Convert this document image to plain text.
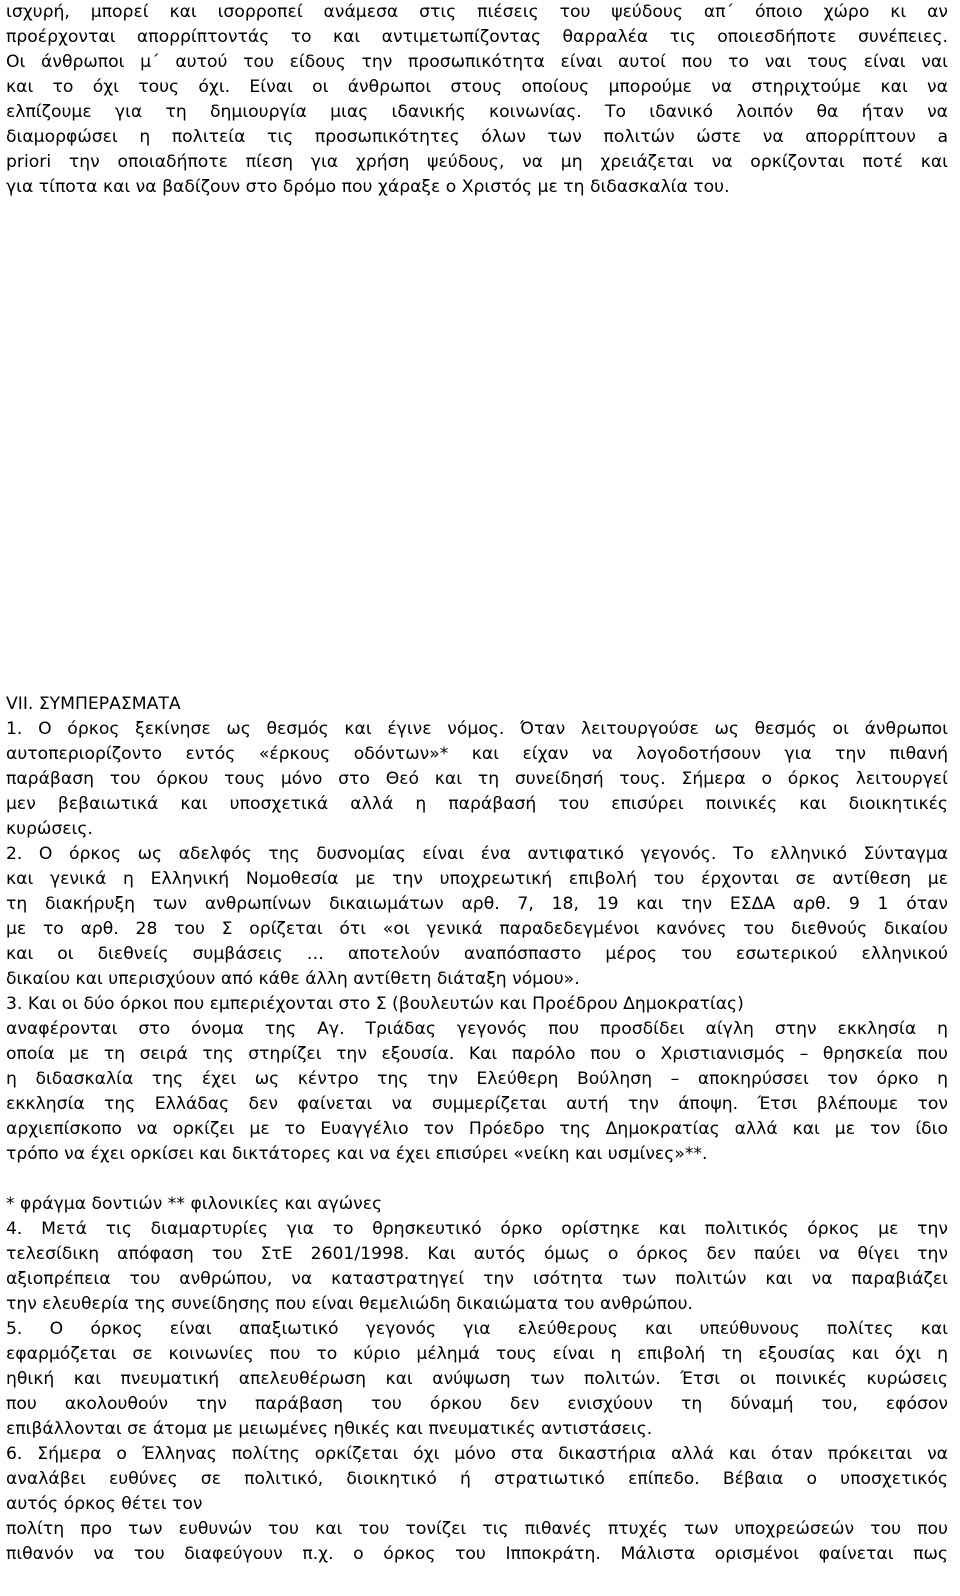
ισχυρή, μπορεί και ισορροπεί ανάμεσα στις πιέσεις του ψεύδους απ΄ όποιο χώρο κι αν
προέρχονται απορρίπτοντάς το και αντιμετωπίζοντας θαρραλέα τις οποιεσδήποτε συνέπειες.
Οι άνθρωποι μ΄ αυτού του είδους την προσωπικότητα είναι αυτοί που το ναι τους είναι ναι
και το όχι τους όχι. Είναι οι άνθρωποι στους οποίους μπορούμε να στηριχτούμε και να
ελπίζουμε για τη δημιουργία μιας ιδανικής κοινωνίας. Το ιδανικό λοιπόν θα ήταν να
διαμορφώσει η πολιτεία τις προσωπικότητες όλων των πολιτών ώστε να απορρίπτουν a
priori την οποιαδήποτε πίεση για χρήση ψεύδους, να μη χρειάζεται να ορκίζονται ποτέ και
για τίποτα και να βαδίζουν στο δρόμο που χάραξε ο Χριστός με τη διδασκαλία του.
VII. ΣΥΜΠΕΡΑΣΜΑΤΑ
1. Ο όρκος ξεκίνησε ως θεσμός και έγινε νόμος. Όταν λειτουργούσε ως θεσμός οι άνθρωποι
αυτοπεριορίζοντο εντός «έρκους οδόντων»* και είχαν να λογοδοτήσουν για την πιθανή
παράβαση του όρκου τους μόνο στο Θεό και τη συνείδησή τους. Σήμερα ο όρκος λειτουργεί
μεν βεβαιωτικά και υποσχετικά αλλά η παράβασή του επισύρει ποινικές και διοικητικές
κυρώσεις.
2. Ο όρκος ως αδελφός της δυσνομίας είναι ένα αντιφατικό γεγονός. Το ελληνικό Σύνταγμα
και γενικά η Ελληνική Νομοθεσία με την υποχρεωτική επιβολή του έρχονται σε αντίθεση με
τη διακήρυξη των ανθρωπίνων δικαιωμάτων αρθ. 7, 18, 19 και την ΕΣΔΑ αρθ. 9 1 όταν
με το αρθ. 28 του Σ ορίζεται ότι «οι γενικά παραδεδεγμένοι κανόνες του διεθνούς δικαίου
και οι διεθνείς συμβάσεις … αποτελούν αναπόσπαστο μέρος του εσωτερικού ελληνικού
δικαίου και υπερισχύουν από κάθε άλλη αντίθετη διάταξη νόμου».
3. Και οι δύο όρκοι που εμπεριέχονται στο Σ (βουλευτών και Προέδρου Δημοκρατίας)
αναφέρονται στο όνομα της Αγ. Τριάδας γεγονός που προσδίδει αίγλη στην εκκλησία η
οποία με τη σειρά της στηρίζει την εξουσία. Και παρόλο που ο Χριστιανισμός – θρησκεία που
η διδασκαλία της έχει ως κέντρο της την Ελεύθερη Βούληση – αποκηρύσσει τον όρκο η
εκκλησία της Ελλάδας δεν φαίνεται να συμμερίζεται αυτή την άποψη. Έτσι βλέπουμε τον
αρχιεπίσκοπο να ορκίζει με το Ευαγγέλιο τον Πρόεδρο της Δημοκρατίας αλλά και με τον ίδιο
τρόπο να έχει ορκίσει και δικτάτορες και να έχει επισύρει «νείκη και υσμίνες»**.
* φράγμα δοντιών ** φιλονικίες και αγώνες
4. Μετά τις διαμαρτυρίες για το θρησκευτικό όρκο ορίστηκε και πολιτικός όρκος με την
τελεσίδικη απόφαση του ΣτΕ 2601/1998. Και αυτός όμως ο όρκος δεν παύει να θίγει την
αξιοπρέπεια του ανθρώπου, να καταστρατηγεί την ισότητα των πολιτών και να παραβιάζει
την ελευθερία της συνείδησης που είναι θεμελιώδη δικαιώματα του ανθρώπου.
5. Ο όρκος είναι απαξιωτικό γεγονός για ελεύθερους και υπεύθυνους πολίτες και
εφαρμόζεται σε κοινωνίες που το κύριο μέλημά τους είναι η επιβολή τη εξουσίας και όχι η
ηθική και πνευματική απελευθέρωση και ανύψωση των πολιτών. Έτσι οι ποινικές κυρώσεις
που ακολουθούν την παράβαση του όρκου δεν ενισχύουν τη δύναμή του, εφόσον
επιβάλλονται σε άτομα με μειωμένες ηθικές και πνευματικές αντιστάσεις.
6. Σήμερα ο Έλληνας πολίτης ορκίζεται όχι μόνο στα δικαστήρια αλλά και όταν πρόκειται να
αναλάβει ευθύνες σε πολιτικό, διοικητικό ή στρατιωτικό επίπεδο. Βέβαια ο υποσχετικός
αυτός όρκος θέτει τον
πολίτη προ των ευθυνών του και του τονίζει τις πιθανές πτυχές των υποχρεώσεών του που
πιθανόν να του διαφεύγουν π.χ. ο όρκος του Ιπποκράτη. Μάλιστα ορισμένοι φαίνεται πως
